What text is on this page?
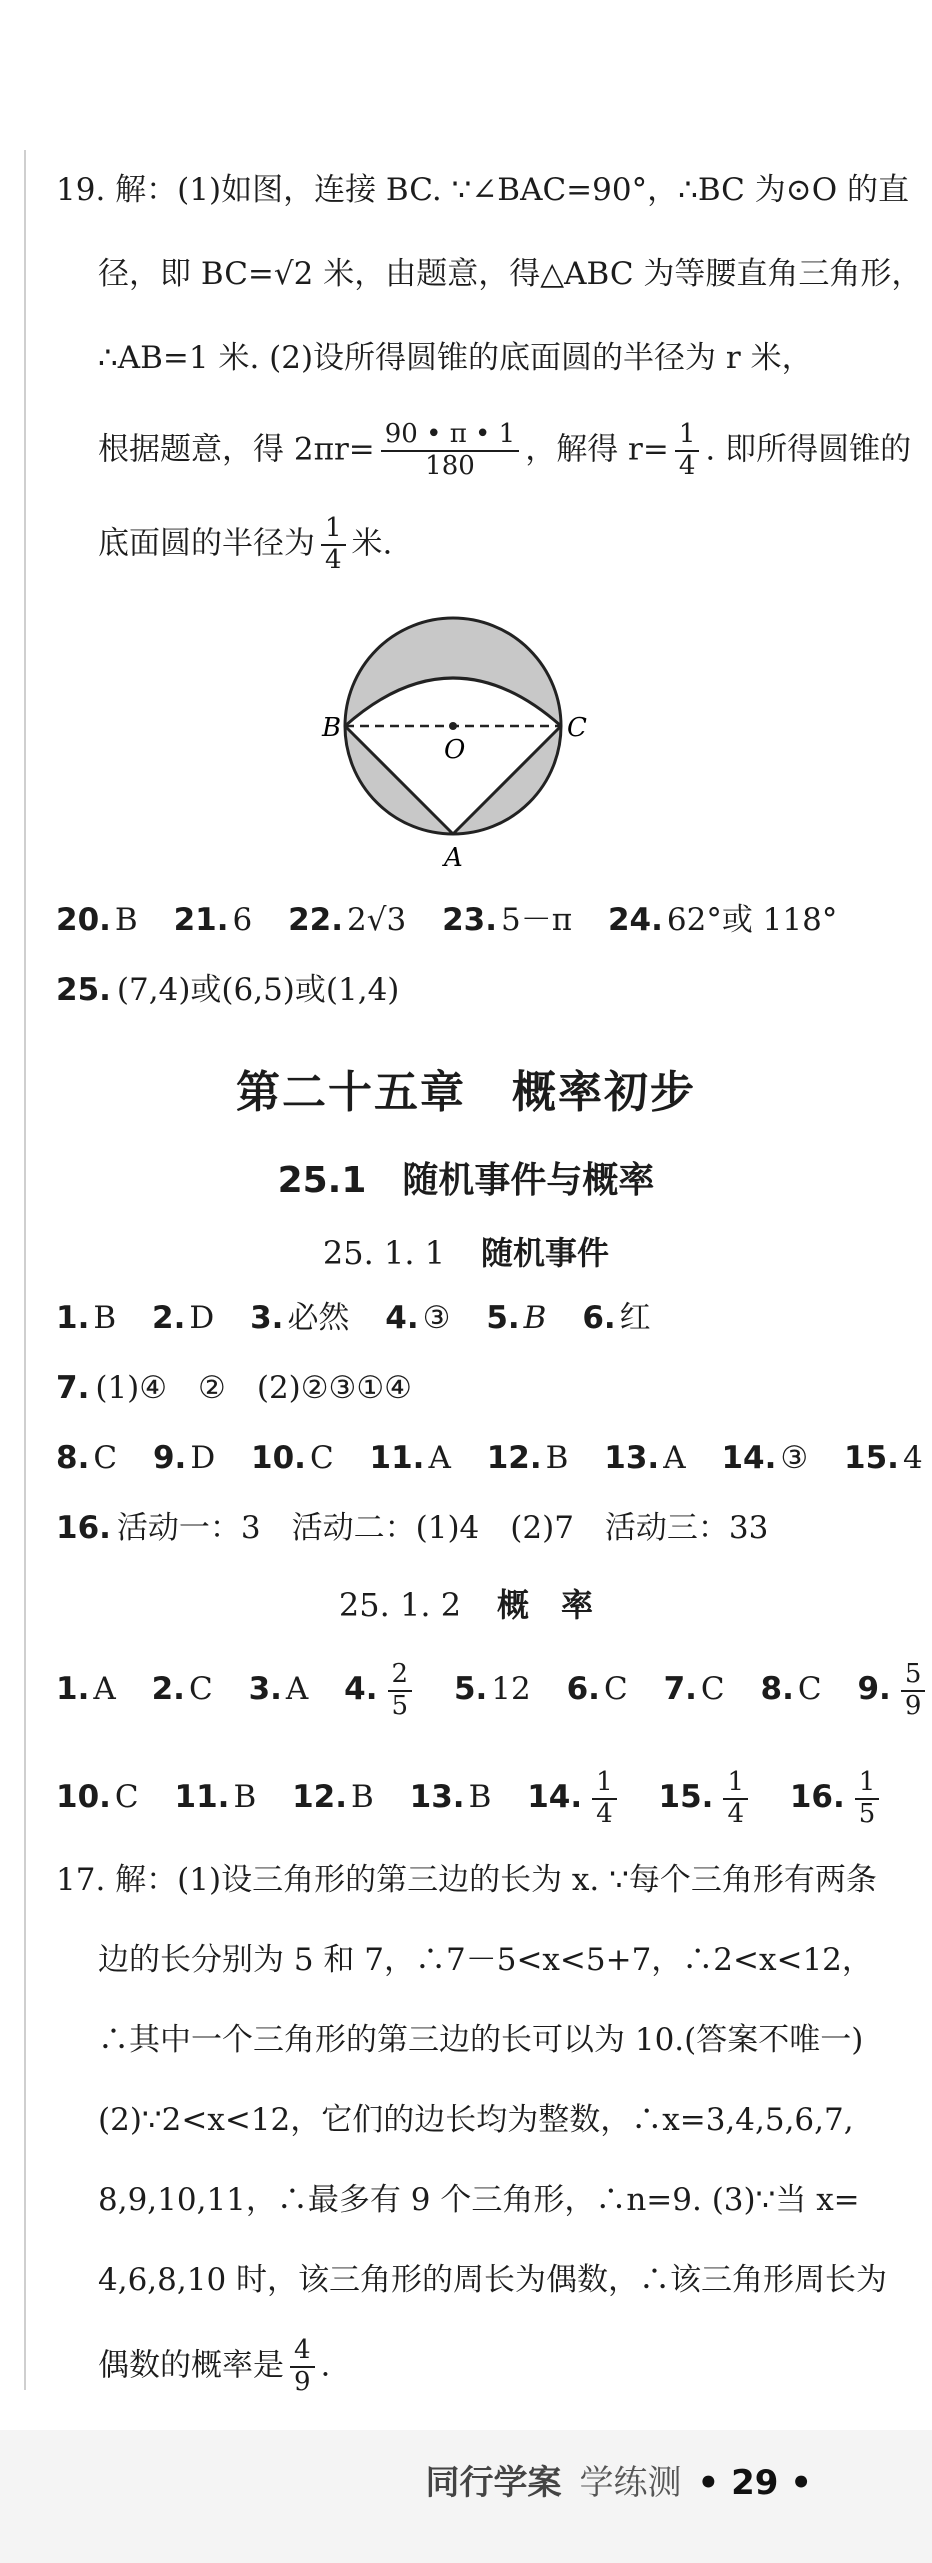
19. 解：(1)如图，连接 BC. ∵∠BAC=90°，∴BC 为⊙O 的直
径，即 BC=√2 米，由题意，得△ABC 为等腰直角三角形，
∴AB=1 米. (2)设所得圆锥的底面圆的半径为 r 米，
根据题意，得 $2\pi r= \frac{90 • \pi • 1}{180}$ ，解得 $r= \frac{1}{4}$ . 即所得圆锥的
底面圆的半径为 $\frac{1}{4}$ 米.
B	C
O
A
20. B 21. 6 22. 2√3 23. 5－π 24. 62°或 118°
25. (7,4)或(6,5)或(1,4)
第二十五章　概率初步
25.1　随机事件与概率
25. 1. 1 随机事件
1. B 2. D 3. 必然 4. ③ 5. B 6. 红
7. (1)④　②　(2)②③①④
8. C 9. D 10. C 11. A 12. B 13. A 14. ③ 15. 4
16. 活动一：3　活动二：(1)4　(2)7　活动三：33
25. 1. 2 概　率
1. A 2. C 3. A 4. $\frac{2}{5} 5$. 12 6. C 7. C 8. C 9. $\frac{5}{9}$
10. C 11. B 12. B 13. B 14. $\frac{1}{4} 15$. $\frac{1}{4} 16$. $\frac{1}{5}$
17. 解：(1)设三角形的第三边的长为 x. ∵每个三角形有两条
边的长分别为 5 和 7，∴7－5<x<5+7，∴2<x<12，
∴其中一个三角形的第三边的长可以为 10.(答案不唯一)
(2)∵2<x<12，它们的边长均为整数，∴x=3,4,5,6,7,
8,9,10,11，∴最多有 9 个三角形，∴n=9. (3)∵当 x=
4,6,8,10 时，该三角形的周长为偶数，∴该三角形周长为
偶数的概率是 $\frac{4}{9}$ .
同行学案 学练测 • 29 •
